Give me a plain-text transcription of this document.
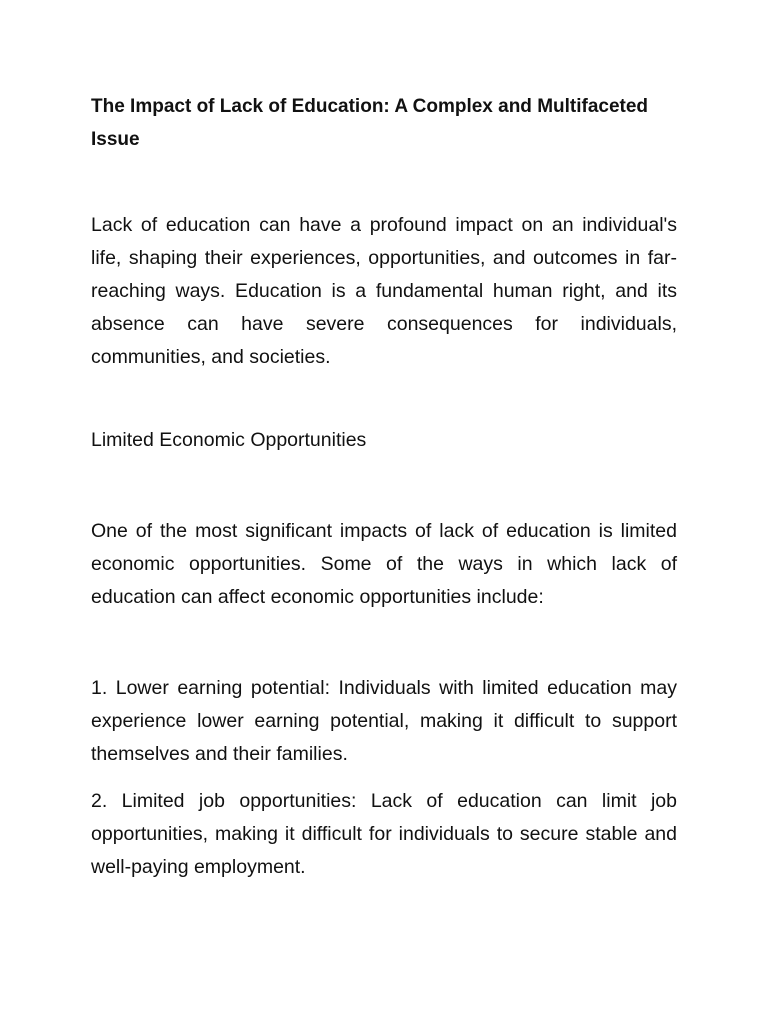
The Impact of Lack of Education: A Complex and Multifaceted Issue

Lack of education can have a profound impact on an individual's life, shaping their experiences, opportunities, and outcomes in far-reaching ways. Education is a fundamental human right, and its absence can have severe consequences for individuals, communities, and societies.

Limited Economic Opportunities

One of the most significant impacts of lack of education is limited economic opportunities. Some of the ways in which lack of education can affect economic opportunities include:

1. Lower earning potential: Individuals with limited education may experience lower earning potential, making it difficult to support themselves and their families.

2. Limited job opportunities: Lack of education can limit job opportunities, making it difficult for individuals to secure stable and well-paying employment.
